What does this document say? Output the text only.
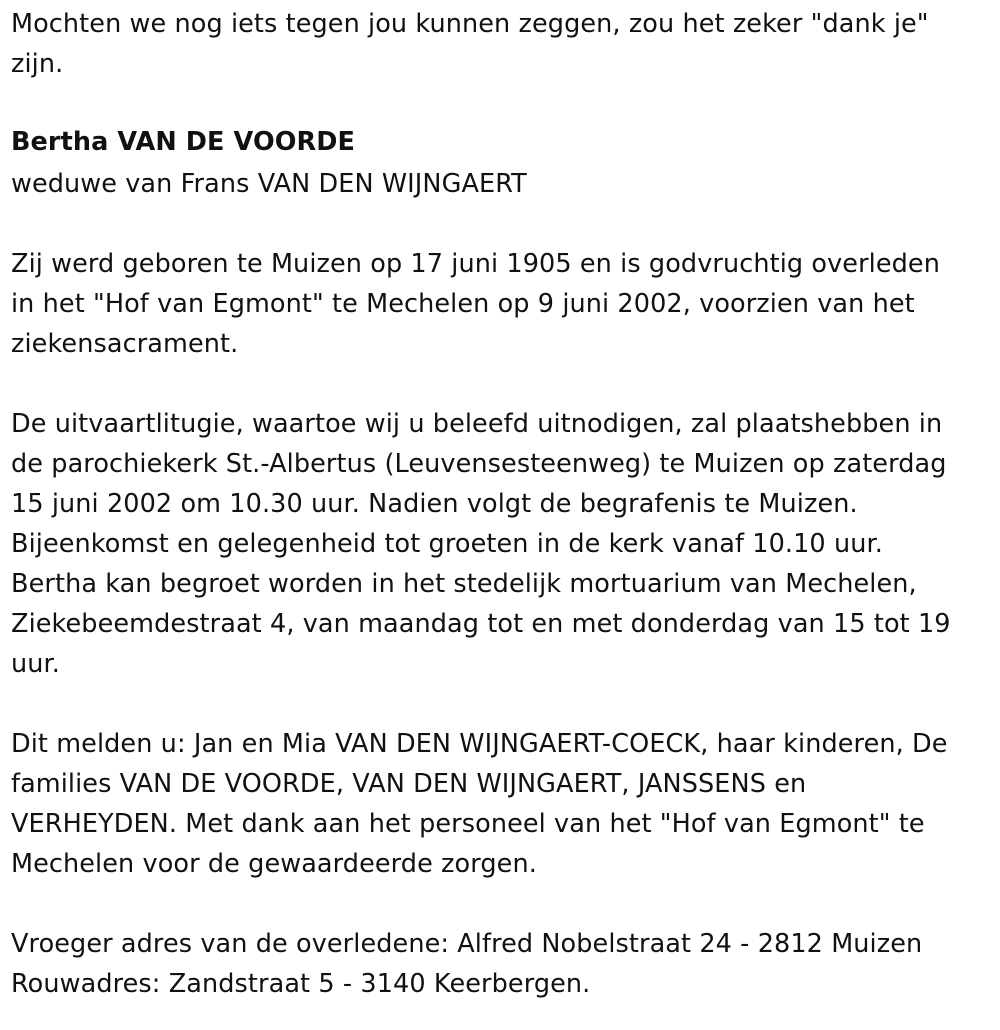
Mochten we nog iets tegen jou kunnen zeggen, zou het zeker "dank je"
zijn.

Bertha VAN DE VOORDE

weduwe van Frans VAN DEN WIJNGAERT

Zij werd geboren te Muizen op 17 juni 1905 en is godvruchtig overleden
in het "Hof van Egmont" te Mechelen op 9 juni 2002, voorzien van het
ziekensacrament.

De uitvaartlitugie, waartoe wij u beleefd uitnodigen, zal plaatshebben in
de parochiekerk St.-Albertus (Leuvensesteenweg) te Muizen op zaterdag
15 juni 2002 om 10.30 uur. Nadien volgt de begrafenis te Muizen.
Bijeenkomst en gelegenheid tot groeten in de kerk vanaf 10.10 uur.
Bertha kan begroet worden in het stedelijk mortuarium van Mechelen,
Ziekebeemdestraat 4, van maandag tot en met donderdag van 15 tot 19
uur.

Dit melden u: Jan en Mia VAN DEN WIJNGAERT-COECK, haar kinderen, De
families VAN DE VOORDE, VAN DEN WIJNGAERT, JANSSENS en
VERHEYDEN. Met dank aan het personeel van het "Hof van Egmont" te
Mechelen voor de gewaardeerde zorgen.

Vroeger adres van de overledene: Alfred Nobelstraat 24 - 2812 Muizen
Rouwadres: Zandstraat 5 - 3140 Keerbergen.
